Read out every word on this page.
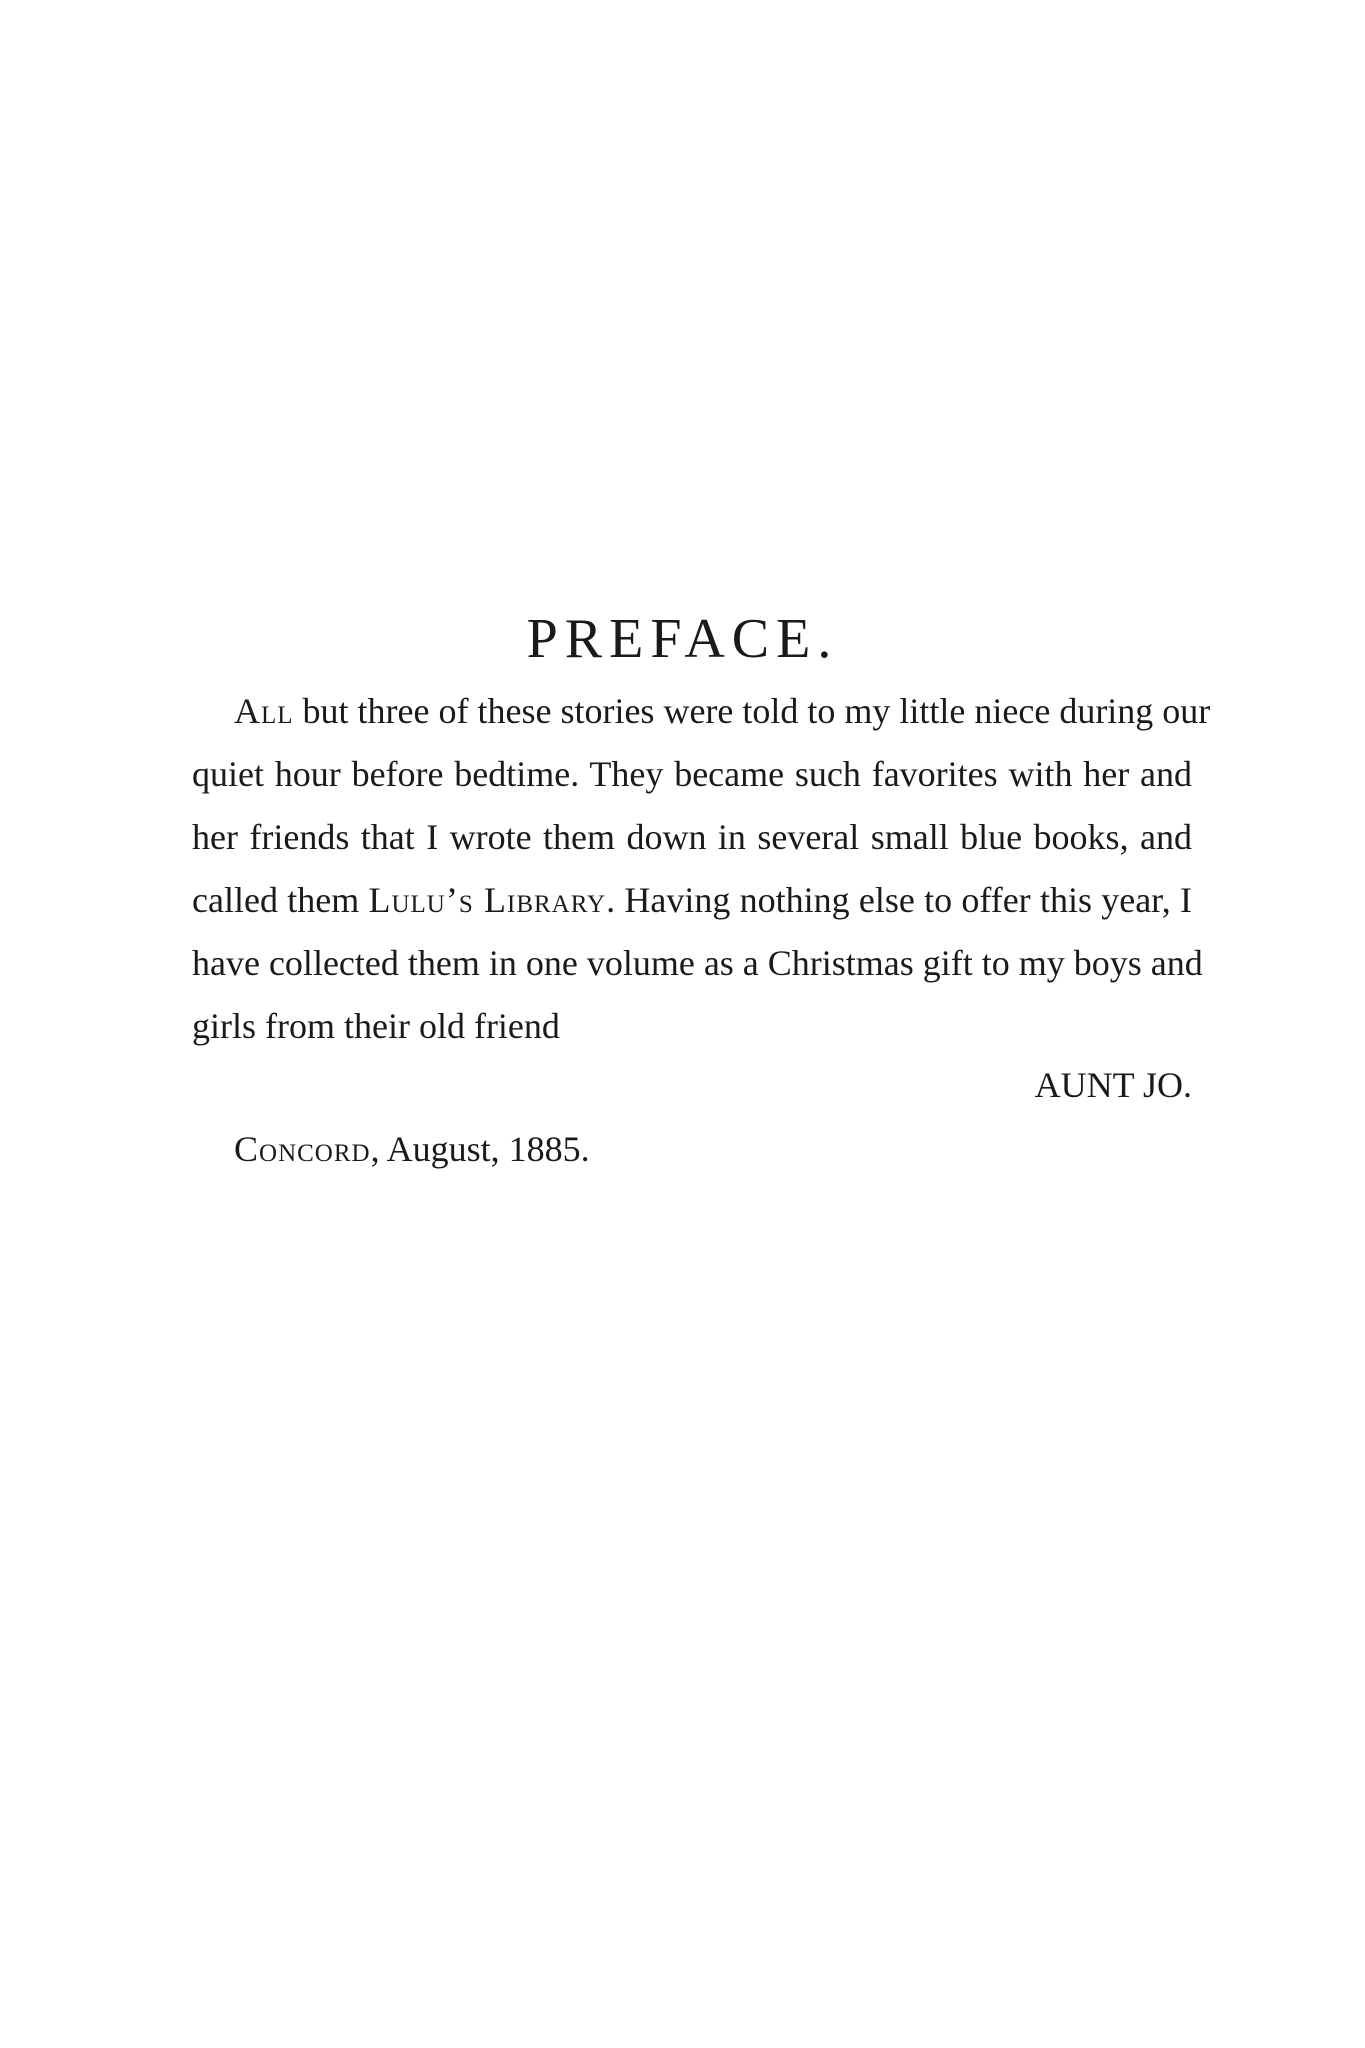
PREFACE.
All but three of these stories were told to my little niece during our
quiet hour before bedtime. They became such favorites with her and
her friends that I wrote them down in several small blue books, and
called them Lulu’s Library. Having nothing else to offer this year, I
have collected them in one volume as a Christmas gift to my boys and
girls from their old friend
AUNT JO.
Concord, August, 1885.
